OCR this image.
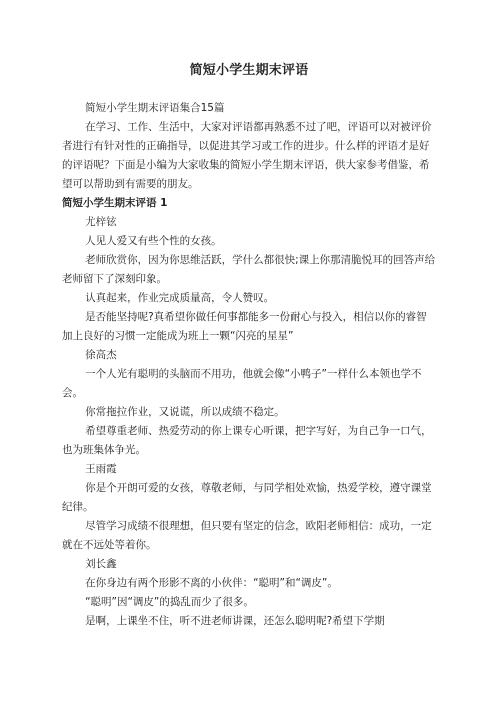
简短小学生期末评语

简短小学生期末评语集合15篇

在学习、工作、生活中，大家对评语都再熟悉不过了吧，评语可以对被评价者进行有针对性的正确指导，以促进其学习或工作的进步。什么样的评语才是好的评语呢？下面是小编为大家收集的简短小学生期末评语，供大家参考借鉴，希望可以帮助到有需要的朋友。

简短小学生期末评语 1

尤梓铉

人见人爱又有些个性的女孩。

老师欣赏你，因为你思维活跃，学什么都很快;课上你那清脆悦耳的回答声给老师留下了深刻印象。

认真起来，作业完成质量高，令人赞叹。

是否能坚持呢?真希望你做任何事都能多一份耐心与投入，相信以你的睿智加上良好的习惯一定能成为班上一颗“闪亮的星星”

徐高杰

一个人光有聪明的头脑而不用功，他就会像“小鸭子”一样什么本领也学不会。

你常拖拉作业，又说谎，所以成绩不稳定。

希望尊重老师、热爱劳动的你上课专心听课，把字写好，为自己争一口气，也为班集体争光。

王雨霞

你是个开朗可爱的女孩，尊敬老师，与同学相处欢愉，热爱学校，遵守课堂纪律。

尽管学习成绩不很理想，但只要有坚定的信念，欧阳老师相信：成功，一定就在不远处等着你。

刘长鑫

在你身边有两个形影不离的小伙伴：“聪明”和“调皮”。

“聪明”因“调皮”的捣乱而少了很多。

是啊，上课坐不住，听不进老师讲课，还怎么聪明呢?希望下学期
